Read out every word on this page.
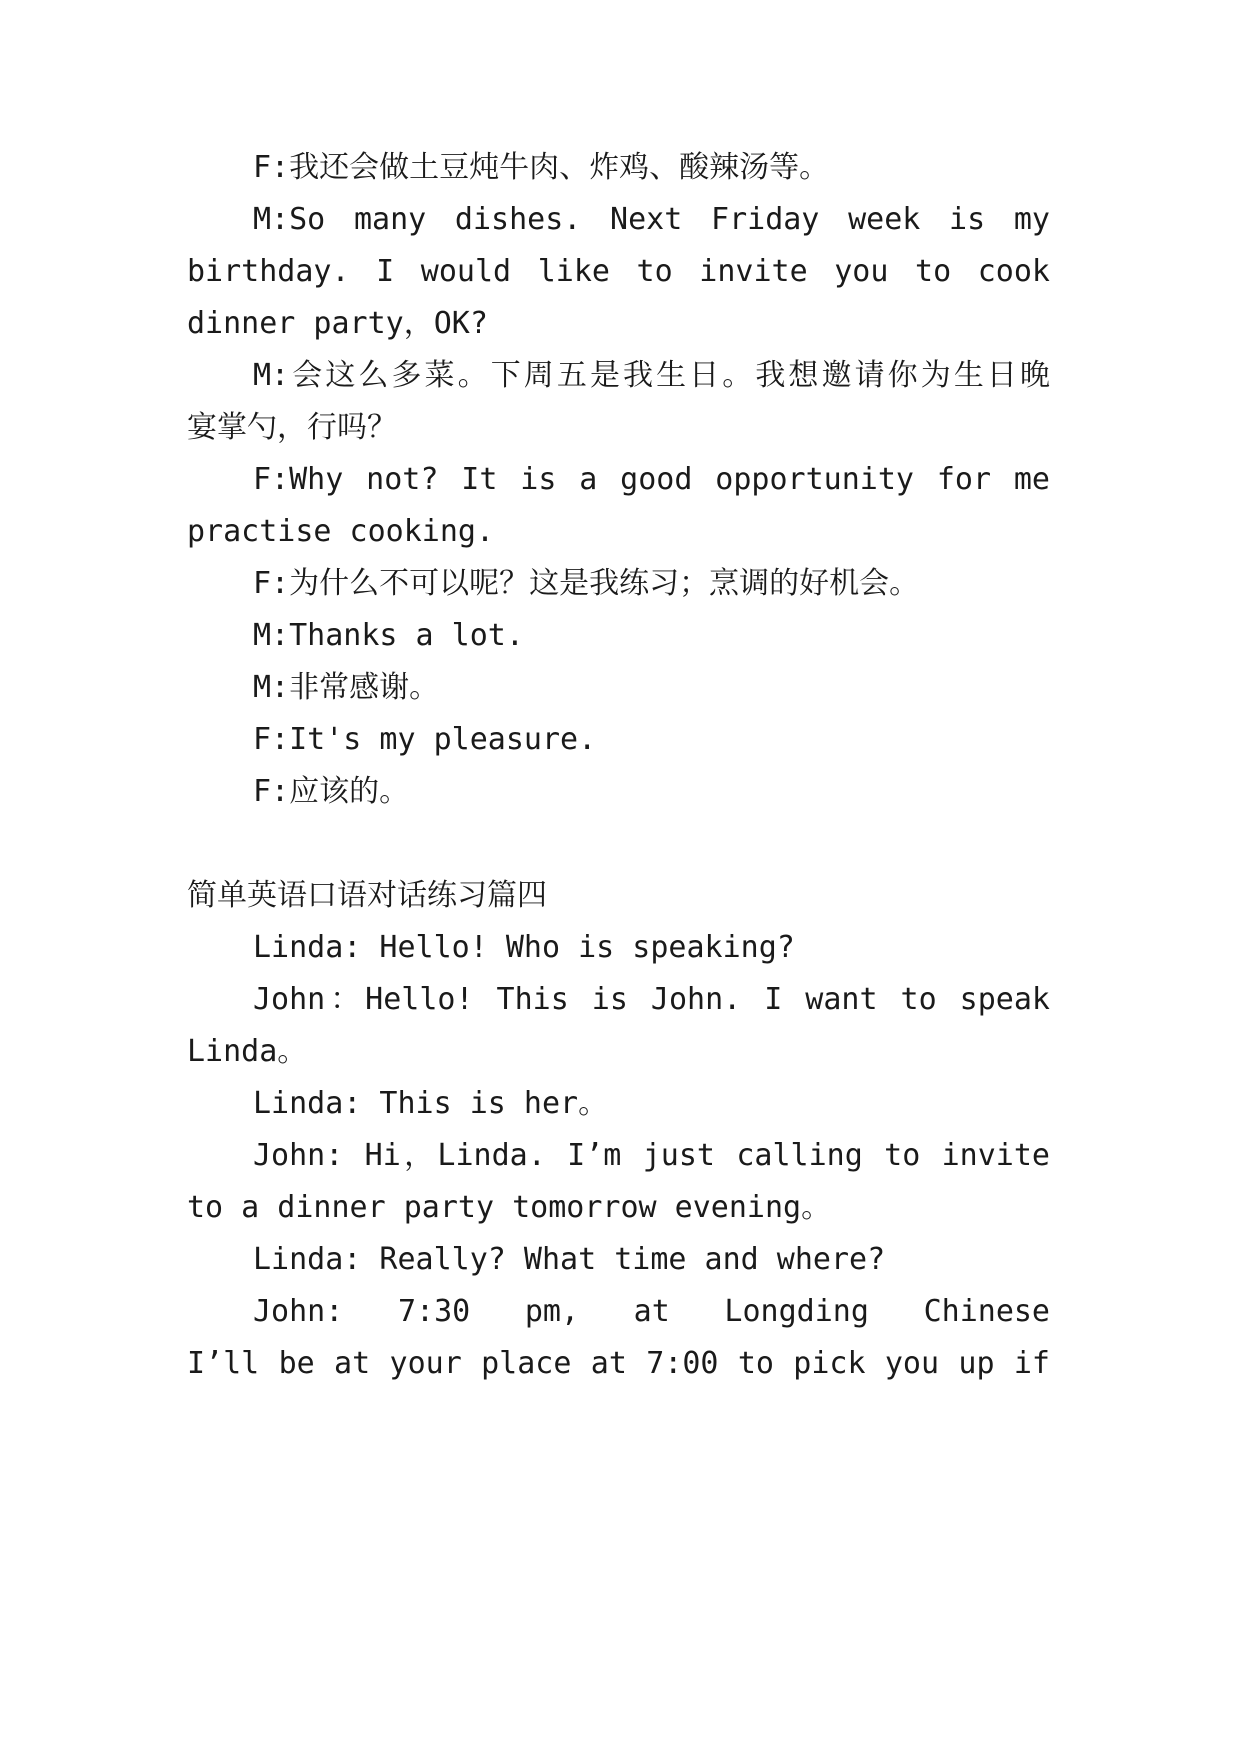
F:我还会做土豆炖牛肉、炸鸡、酸辣汤等。
M:So many dishes. Next Friday week is my
birthday. I would like to invite you to cook
dinner party，OK?
M:会这么多菜。下周五是我生日。我想邀请你为生日晚
宴掌勺，行吗？
F:Why not? It is a good opportunity for me
practise cooking.
F:为什么不可以呢？这是我练习；烹调的好机会。
M:Thanks a lot.
M:非常感谢。
F:It's my pleasure.
F:应该的。
简单英语口语对话练习篇四
Linda: Hello! Who is speaking?
John：Hello! This is John. I want to speak
Linda。
Linda: This is her。
John: Hi，Linda. I’m just calling to invite
to a dinner party tomorrow evening。
Linda: Really? What time and where?
John: 7:30 pm, at Longding Chinese
I’ll be at your place at 7:00 to pick you up if
